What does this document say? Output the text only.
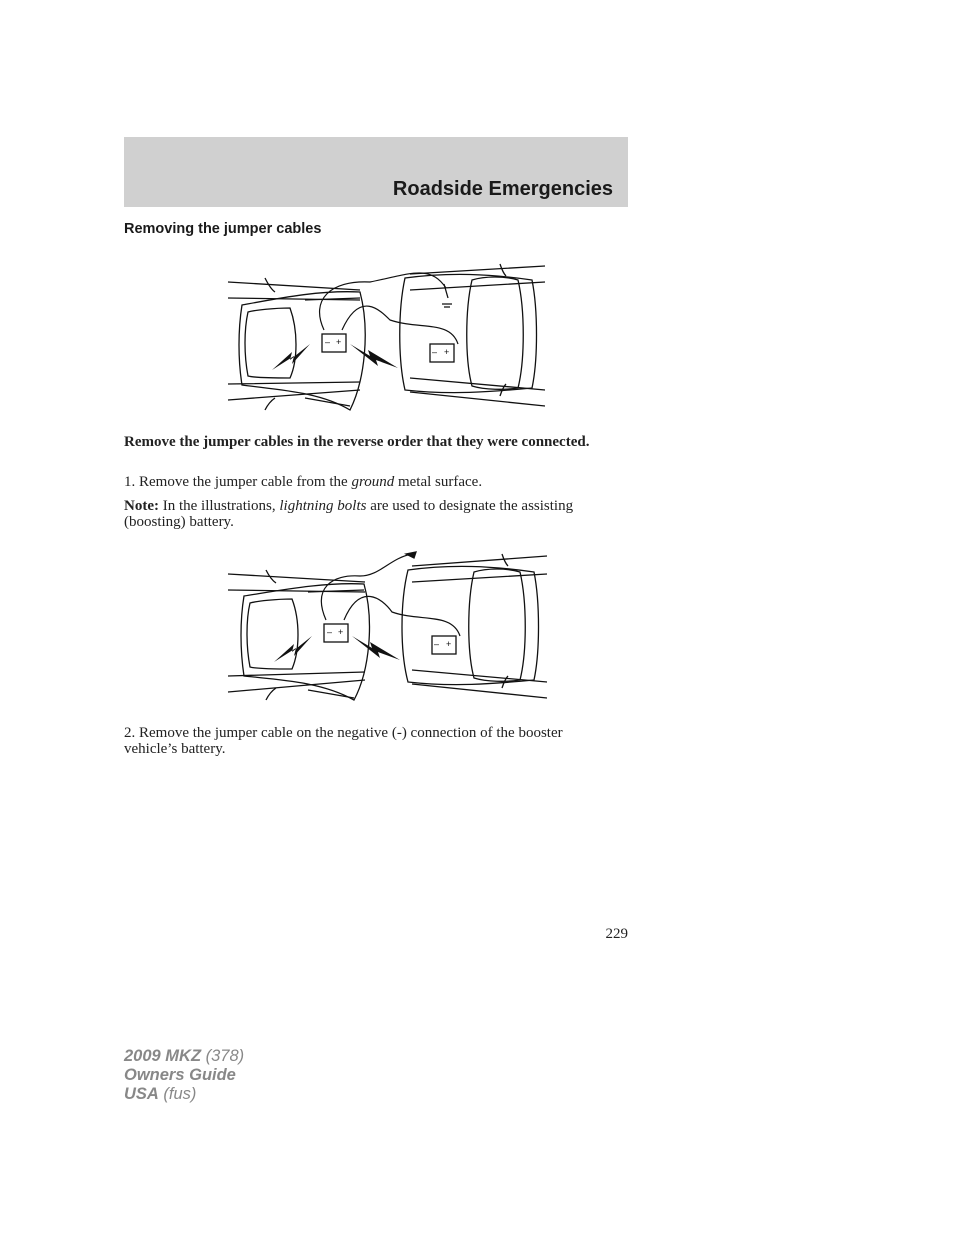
Roadside Emergencies
Removing the jumper cables
– +
– +
Remove the jumper cables in the reverse order that they were connected.
1. Remove the jumper cable from the ground metal surface.
Note: In the illustrations, lightning bolts are used to designate the assisting (boosting) battery.
– +
– +
2. Remove the jumper cable on the negative (-) connection of the booster vehicle’s battery.
229
2009 MKZ (378)
Owners Guide
USA (fus)
